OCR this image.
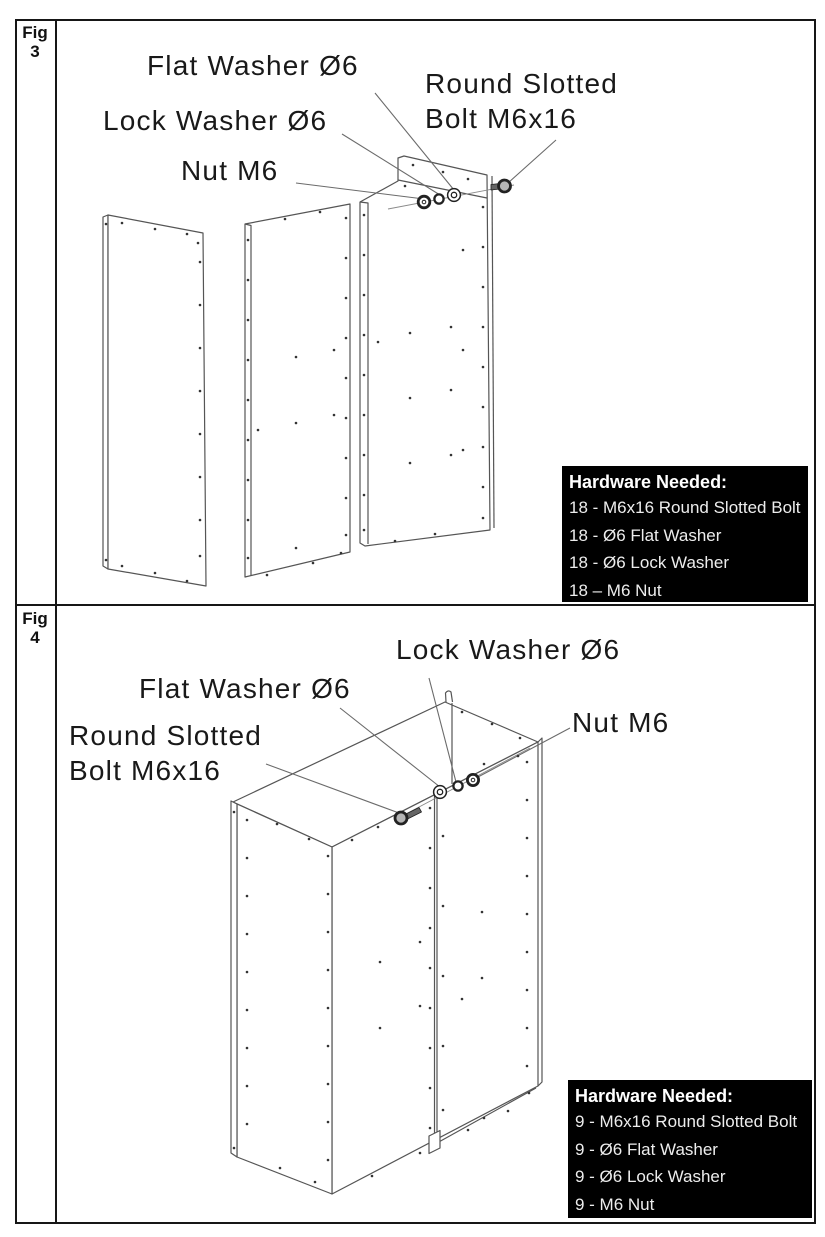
Fig
3
Fig
4
Flat Washer Ø6
Lock Washer Ø6
Nut M6
Round Slotted
Bolt M6x16
Lock Washer Ø6
Flat Washer Ø6
Round Slotted
Bolt M6x16
Nut M6
Hardware Needed:
18 - M6x16 Round Slotted Bolt
18 - Ø6 Flat Washer
18 - Ø6 Lock Washer
18 – M6 Nut
Hardware Needed:
9 - M6x16 Round Slotted Bolt
9 - Ø6 Flat Washer
9 - Ø6 Lock Washer
9 - M6 Nut
